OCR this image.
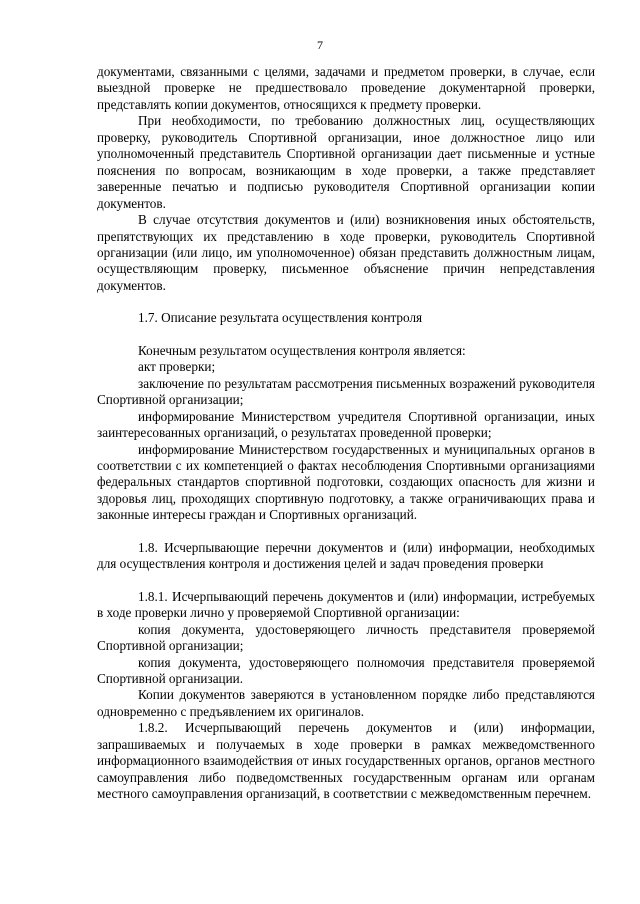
7

документами, связанными с целями, задачами и предметом проверки, в случае, если выездной проверке не предшествовало проведение документарной проверки, представлять копии документов, относящихся к предмету проверки.

При необходимости, по требованию должностных лиц, осуществляющих проверку, руководитель Спортивной организации, иное должностное лицо или уполномоченный представитель Спортивной организации дает письменные и устные пояснения по вопросам, возникающим в ходе проверки, а также представляет заверенные печатью и подписью руководителя Спортивной организации копии документов.

В случае отсутствия документов и (или) возникновения иных обстоятельств, препятствующих их представлению в ходе проверки, руководитель Спортивной организации (или лицо, им уполномоченное) обязан представить должностным лицам, осуществляющим проверку, письменное объяснение причин непредставления документов.

1.7. Описание результата осуществления контроля

Конечным результатом осуществления контроля является:

акт проверки;

заключение по результатам рассмотрения письменных возражений руководителя Спортивной организации;

информирование Министерством учредителя Спортивной организации, иных заинтересованных организаций, о результатах проведенной проверки;

информирование Министерством государственных и муниципальных органов в соответствии с их компетенцией о фактах несоблюдения Спортивными организациями федеральных стандартов спортивной подготовки, создающих опасность для жизни и здоровья лиц, проходящих спортивную подготовку, а также ограничивающих права и законные интересы граждан и Спортивных организаций.

1.8. Исчерпывающие перечни документов и (или) информации, необходимых для осуществления контроля и достижения целей и задач проведения проверки

1.8.1. Исчерпывающий перечень документов и (или) информации, истребуемых в ходе проверки лично у проверяемой Спортивной организации:

копия документа, удостоверяющего личность представителя проверяемой Спортивной организации;

копия документа, удостоверяющего полномочия представителя проверяемой Спортивной организации.

Копии документов заверяются в установленном порядке либо представляются одновременно с предъявлением их оригиналов.

1.8.2. Исчерпывающий перечень документов и (или) информации, запрашиваемых и получаемых в ходе проверки в рамках межведомственного информационного взаимодействия от иных государственных органов, органов местного самоуправления либо подведомственных государственным органам или органам местного самоуправления организаций, в соответствии с межведомственным перечнем.
